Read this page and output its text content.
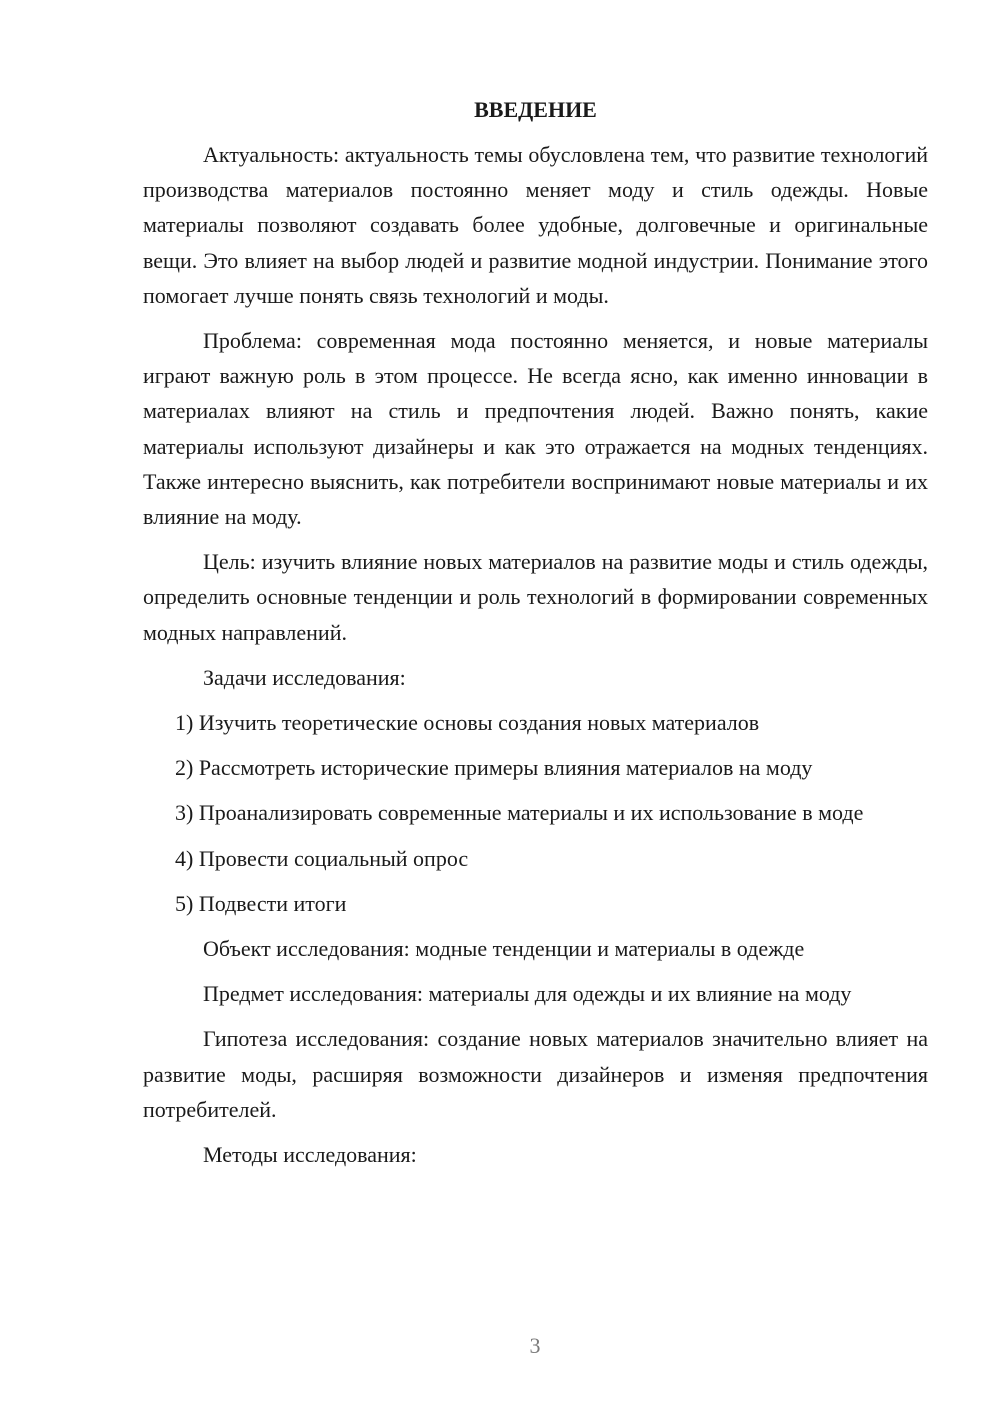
ВВЕДЕНИЕ

Актуальность: актуальность темы обусловлена тем, что развитие технологий производства материалов постоянно меняет моду и стиль одежды. Новые материалы позволяют создавать более удобные, долговечные и оригинальные вещи. Это влияет на выбор людей и развитие модной индустрии. Понимание этого помогает лучше понять связь технологий и моды.

Проблема: современная мода постоянно меняется, и новые материалы играют важную роль в этом процессе. Не всегда ясно, как именно инновации в материалах влияют на стиль и предпочтения людей. Важно понять, какие материалы используют дизайнеры и как это отражается на модных тенденциях. Также интересно выяснить, как потребители воспринимают новые материалы и их влияние на моду.

Цель: изучить влияние новых материалов на развитие моды и стиль одежды, определить основные тенденции и роль технологий в формировании современных модных направлений.

Задачи исследования:

1) Изучить теоретические основы создания новых материалов

2) Рассмотреть исторические примеры влияния материалов на моду

3) Проанализировать современные материалы и их использование в моде

4) Провести социальный опрос

5) Подвести итоги

Объект исследования: модные тенденции и материалы в одежде

Предмет исследования: материалы для одежды и их влияние на моду

Гипотеза исследования: создание новых материалов значительно влияет на развитие моды, расширяя возможности дизайнеров и изменяя предпочтения потребителей.

Методы исследования:

3
